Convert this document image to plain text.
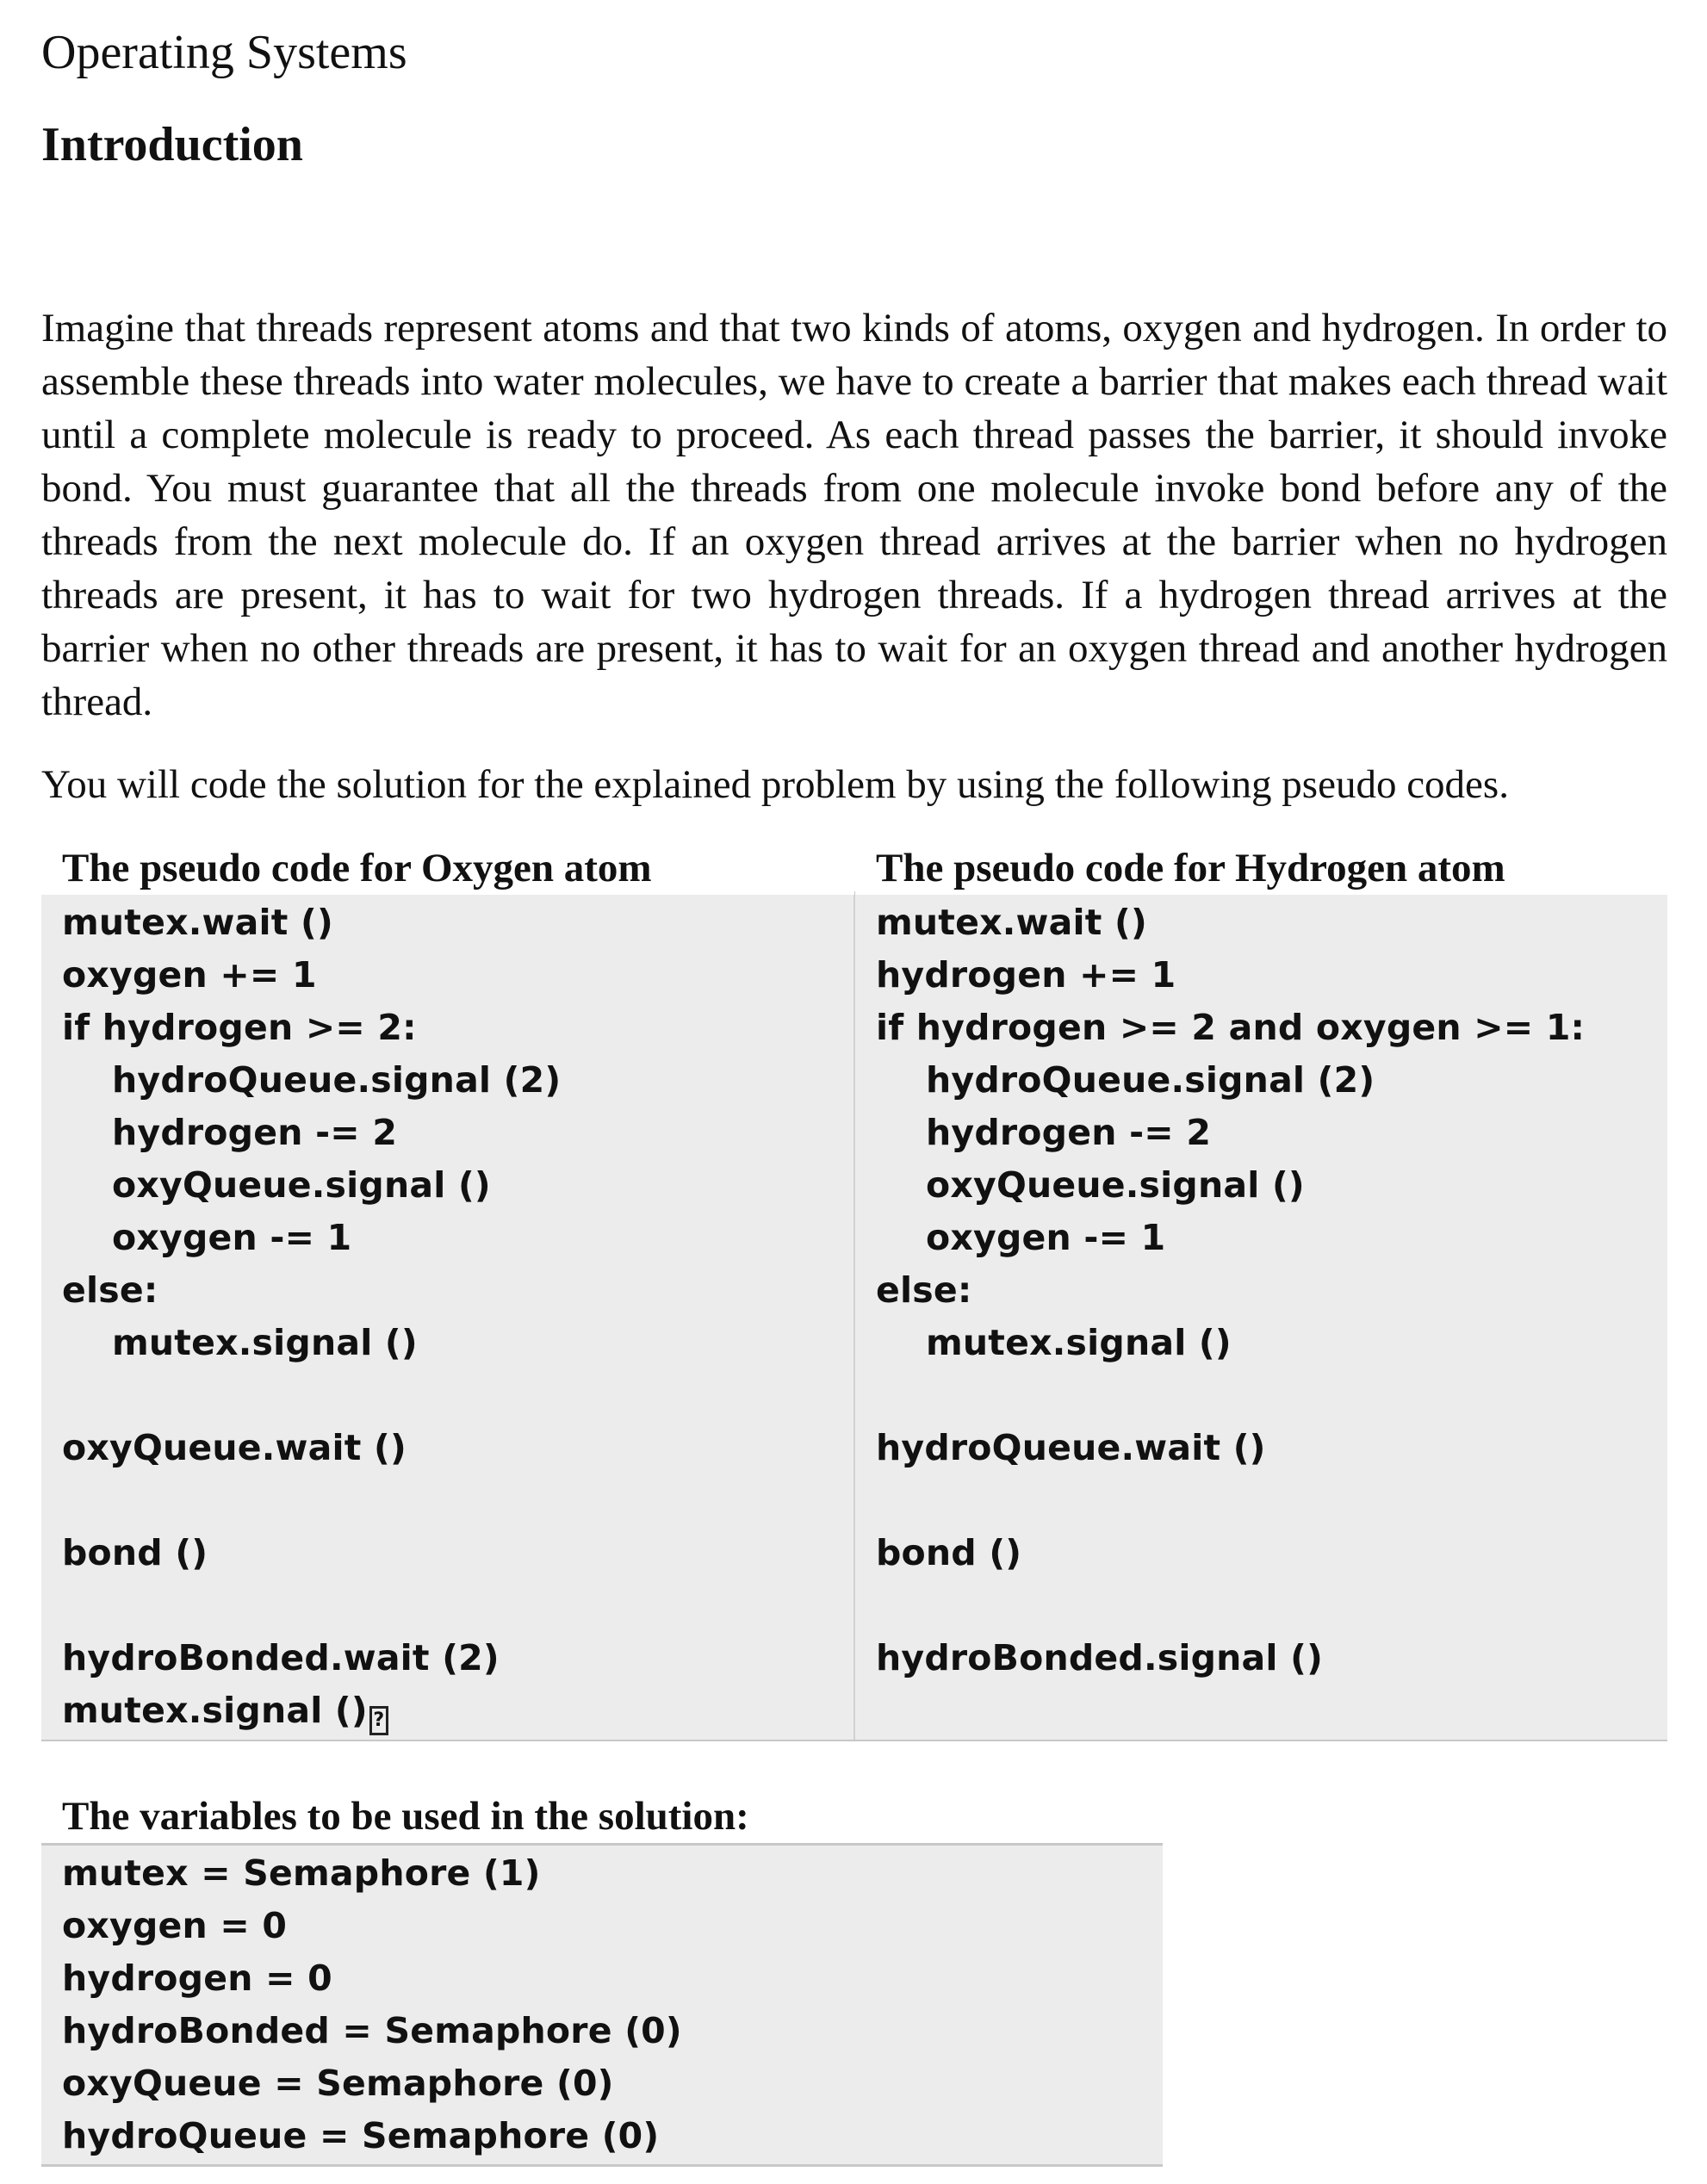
Operating Systems
Introduction

Imagine that threads represent atoms and that two kinds of atoms, oxygen and hydrogen. In order to assemble these threads into water molecules, we have to create a barrier that makes each thread wait until a complete molecule is ready to proceed. As each thread passes the barrier, it should invoke bond. You must guarantee that all the threads from one molecule invoke bond before any of the threads from the next molecule do. If an oxygen thread arrives at the barrier when no hydrogen threads are present, it has to wait for two hydrogen threads. If a hydrogen thread arrives at the barrier when no other threads are present, it has to wait for an oxygen thread and another hydrogen thread.

You will code the solution for the explained problem by using the following pseudo codes.

The pseudo code for Oxygen atom
mutex.wait ()
oxygen += 1
if hydrogen >= 2:
hydroQueue.signal (2)
hydrogen -= 2
oxyQueue.signal ()
oxygen -= 1
else:
mutex.signal ()
oxyQueue.wait ()
bond ()
hydroBonded.wait (2)
mutex.signal () ?
The pseudo code for Hydrogen atom
mutex.wait ()
hydrogen += 1
if hydrogen >= 2 and oxygen >= 1:
hydroQueue.signal (2)
hydrogen -= 2
oxyQueue.signal ()
oxygen -= 1
else:
mutex.signal ()
hydroQueue.wait ()
bond ()
hydroBonded.signal ()
The variables to be used in the solution:
mutex = Semaphore (1)
oxygen = 0
hydrogen = 0
hydroBonded = Semaphore (0)
oxyQueue = Semaphore (0)
hydroQueue = Semaphore (0)
